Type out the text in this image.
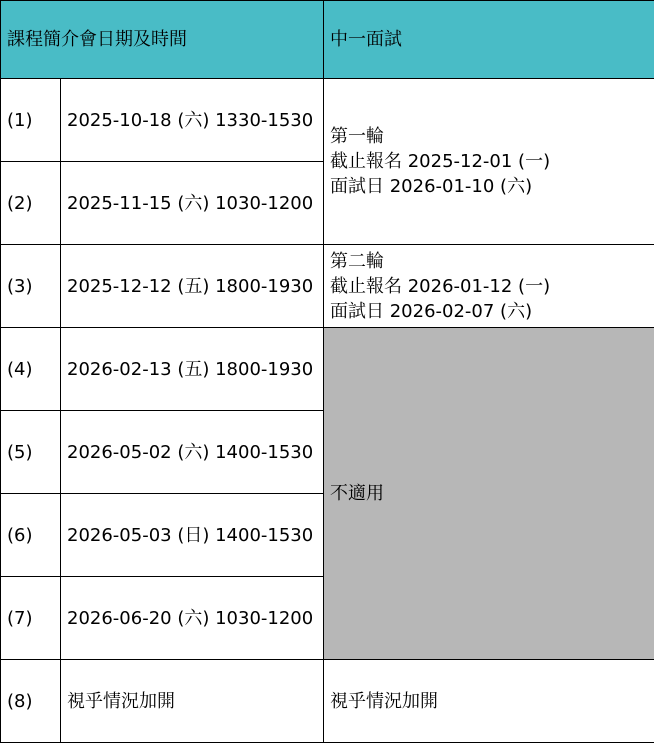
課程簡介會日期及時間		中一面試
(1)	2025-10-18 (六) 1330-1530	第一輪
截止報名 2025-12-01 (一)
面試日 2026-01-10 (六)

(2)	2025-11-15 (六) 1030-1200	
(3)	2025-12-12 (五) 1800-1930	第二輪
截止報名 2026-01-12 (一)
面試日 2026-02-07 (六)

(4)	2026-02-13 (五) 1800-1930	不適用
(5)	2026-05-02 (六) 1400-1530	
(6)	2026-05-03 (日) 1400-1530	
(7)	2026-06-20 (六) 1030-1200	
(8)	視乎情況加開	視乎情況加開
